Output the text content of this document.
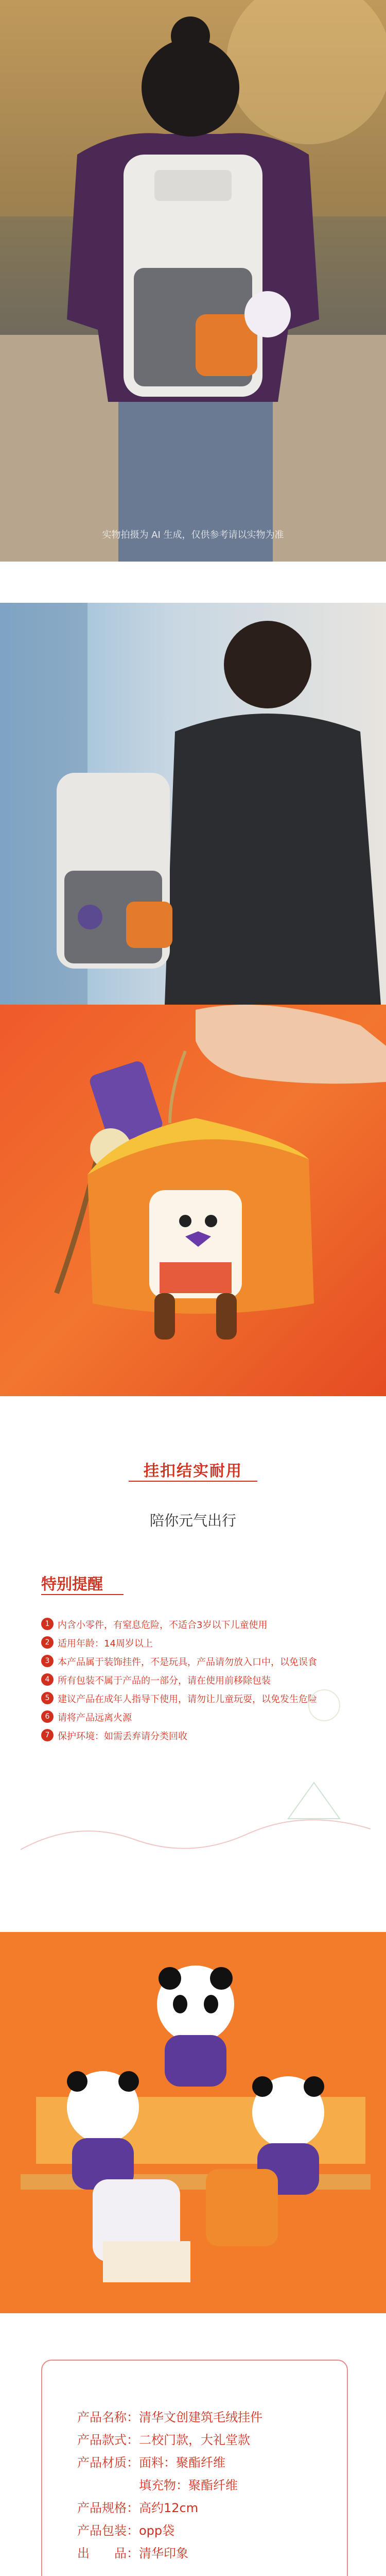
实物拍摄为 AI 生成，仅供参考请以实物为准
挂扣结实耐用
陪你元气出行
特别提醒
1 内含小零件，有窒息危险，不适合3岁以下儿童使用
2 适用年龄：14周岁以上
3 本产品属于装饰挂件，不是玩具，产品请勿放入口中，以免误食
4 所有包装不属于产品的一部分，请在使用前移除包装
5 建议产品在成年人指导下使用，请勿让儿童玩耍，以免发生危险
6 请将产品远离火源
7 保护环境：如需丢弃请分类回收
产品名称：清华文创建筑毛绒挂件
产品款式：二校门款，大礼堂款
产品材质：面料：聚酯纤维
填充物：聚酯纤维
产品规格：高约12cm
产品包装：opp袋
出　　品：清华印象
